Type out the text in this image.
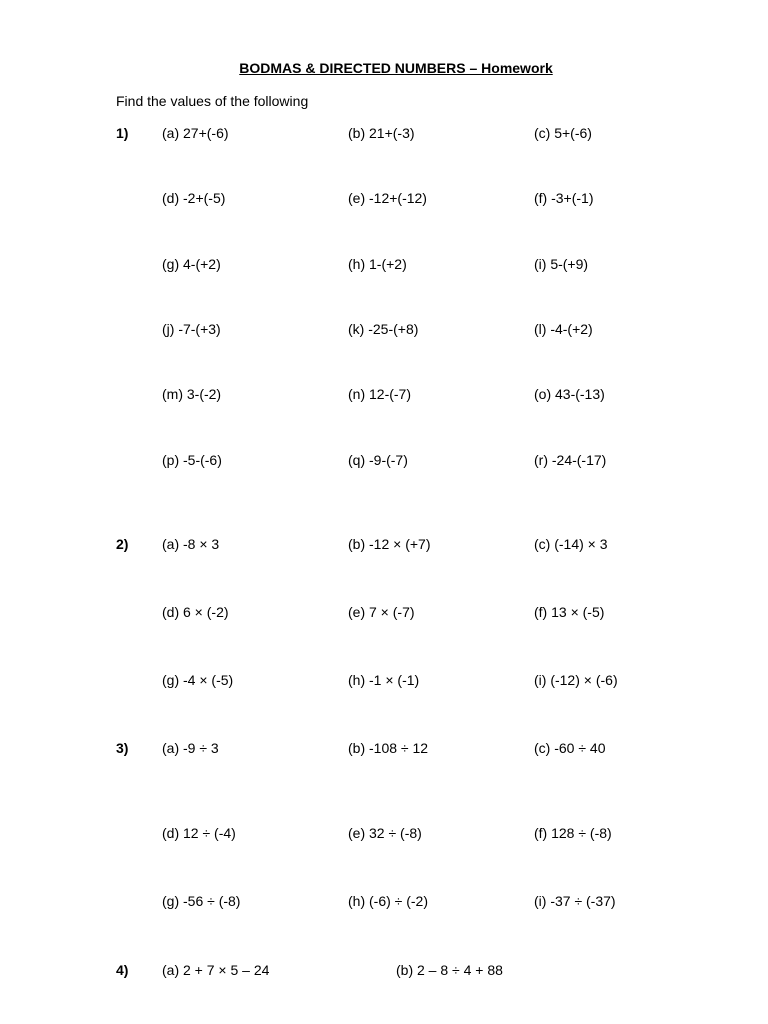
BODMAS & DIRECTED NUMBERS – Homework
Find the values of the following
1) (a) 27+(-6)	(b) 21+(-3)	(c) 5+(-6)
(d) -2+(-5)	(e) -12+(-12)	(f) -3+(-1)
(g) 4-(+2)	(h) 1-(+2)	(i) 5-(+9)
(j) -7-(+3)	(k) -25-(+8)	(l) -4-(+2)
(m) 3-(-2)	(n) 12-(-7)	(o) 43-(-13)
(p) -5-(-6)	(q) -9-(-7)	(r) -24-(-17)
2) (a) -8 × 3	(b) -12 × (+7)	(c) (-14) × 3
(d) 6 × (-2)	(e) 7 × (-7)	(f) 13 × (-5)
(g) -4 × (-5)	(h) -1 × (-1)	(i) (-12) × (-6)
3) (a) -9 ÷ 3	(b) -108 ÷ 12	(c) -60 ÷ 40
(d) 12 ÷ (-4)	(e) 32 ÷ (-8)	(f) 128 ÷ (-8)
(g) -56 ÷ (-8)	(h) (-6) ÷ (-2)	(i) -37 ÷ (-37)
4) (a) 2 + 7 × 5 – 24	(b) 2 – 8 ÷ 4 + 88
